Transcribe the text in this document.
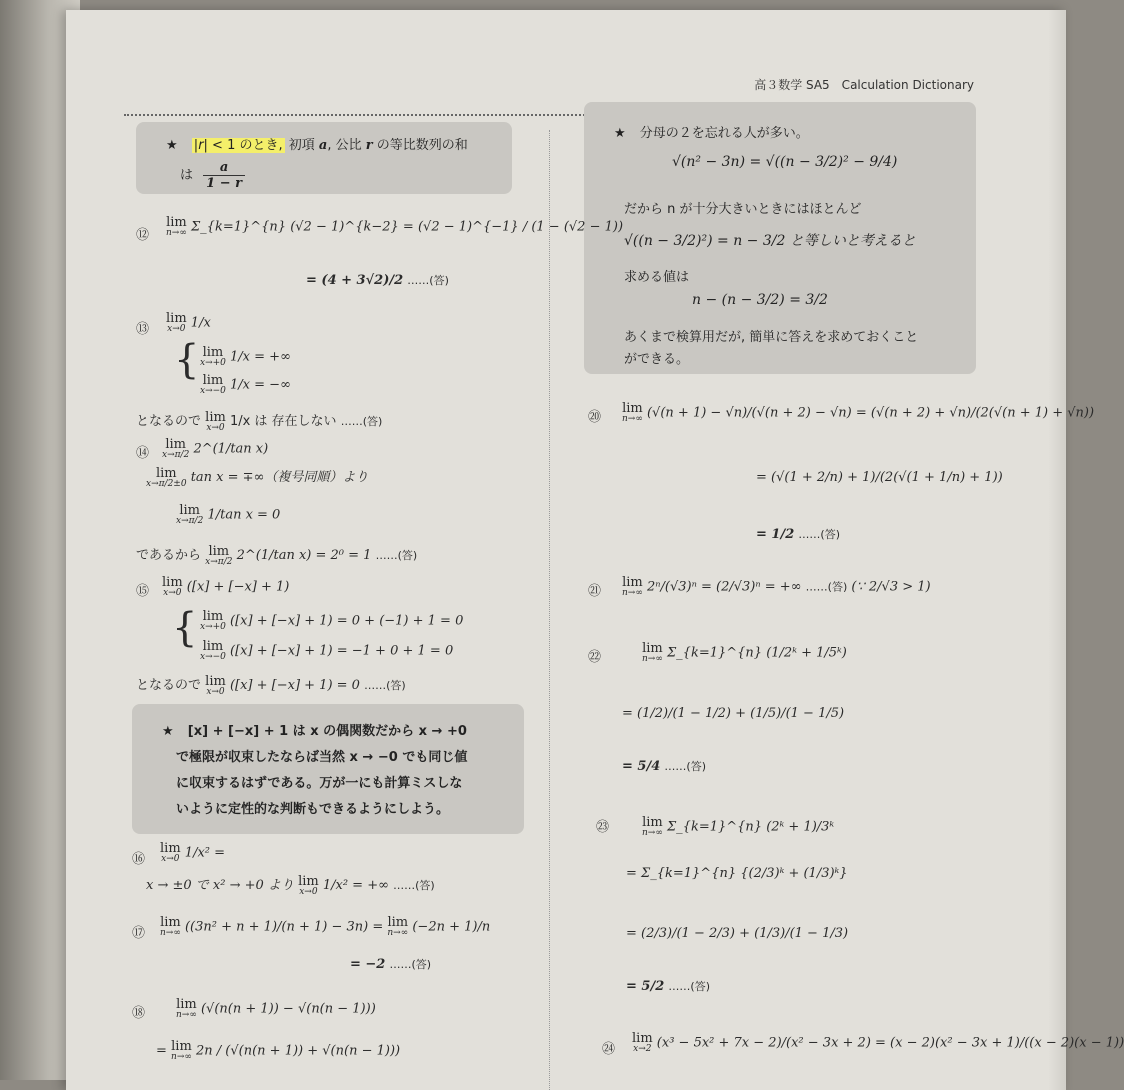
高３数学 SA5　Calculation Dictionary
★ |r| < 1 のとき, 初項 a, 公比 r の等比数列の和
は $\frac{a}{1 - r}$
★ 分母の２を忘れる人が多い。
√(n² − 3n) = √((n − 3/2)² − 9/4)
だから n が十分大きいときにはほとんど
√((n − 3/2)²) = n − 3/2 と等しいと考えると
求める値は
n − (n − 3/2) = 3/2
あくまで検算用だが, 簡単に答えを求めておくこと
ができる。
⑫
lim
n→∞ Σ_{k=1}^{n} (√2 − 1)^{k−2} = (√2 − 1)^{−1} / (1 − (√2 − 1))
= (4 + 3√2)/2 ……(答)
⑬
lim
x→0 1/x
{ lim
x→+0 1/x = +∞
lim
x→−0 1/x = −∞
となるので lim
x→0 1/x は 存在しない ……(答)
⑭
lim
x→π/2 2^(1/tan x)
lim
x→π/2±0 tan x = ∓∞（複号同順）より
lim
x→π/2 1/tan x = 0
であるから lim
x→π/2 2^(1/tan x) = 2⁰ = 1 ……(答)
⑮
lim
x→0 ([x] + [−x] + 1)
{ lim
x→+0 ([x] + [−x] + 1) = 0 + (−1) + 1 = 0
lim
x→−0 ([x] + [−x] + 1) = −1 + 0 + 1 = 0
となるので lim
x→0 ([x] + [−x] + 1) = 0 ……(答)
★ [x] + [−x] + 1 は x の偶関数だから x → +0
で極限が収束したならば当然 x → −0 でも同じ値
に収束するはずである。万が一にも計算ミスしな
いように定性的な判断もできるようにしよう。
⑯
lim
x→0 1/x² =
x → ±0 で x² → +0 より lim
x→0 1/x² = +∞ ……(答)
⑰
lim
n→∞ ((3n² + n + 1)/(n + 1) − 3n) = lim
n→∞ (−2n + 1)/n
= −2 ……(答)
⑱
lim
n→∞ (√(n(n + 1)) − √(n(n − 1)))
= lim
n→∞ 2n / (√(n(n + 1)) + √(n(n − 1)))
⑳
lim
n→∞ (√(n + 1) − √n)/(√(n + 2) − √n) = (√(n + 2) + √n)/(2(√(n + 1) + √n))
= (√(1 + 2/n) + 1)/(2(√(1 + 1/n) + 1))
= 1/2 ……(答)
㉑
lim
n→∞ 2ⁿ/(√3)ⁿ = (2/√3)ⁿ = +∞ ……(答) (∵ 2/√3 > 1)
㉒
lim
n→∞ Σ_{k=1}^{n} (1/2ᵏ + 1/5ᵏ)
= (1/2)/(1 − 1/2) + (1/5)/(1 − 1/5)
= 5/4 ……(答)
㉓	lim
n→∞ Σ_{k=1}^{n} (2ᵏ + 1)/3ᵏ
= Σ_{k=1}^{n} {(2/3)ᵏ + (1/3)ᵏ}
= (2/3)/(1 − 2/3) + (1/3)/(1 − 1/3)
= 5/2 ……(答)
㉔
lim
x→2 (x³ − 5x² + 7x − 2)/(x² − 3x + 2) = (x − 2)(x² − 3x + 1)/((x − 2)(x − 1))
